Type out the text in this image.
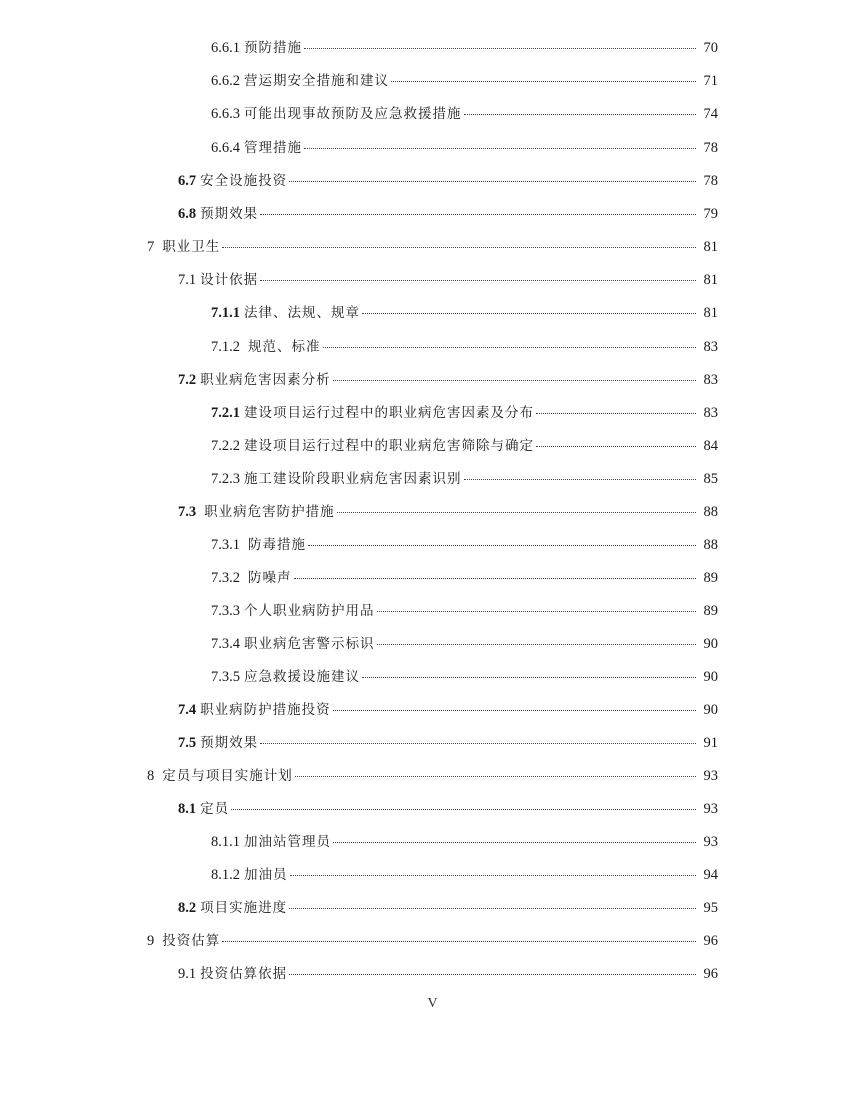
6.6.1 预防措施	70
6.6.2 营运期安全措施和建议	71
6.6.3 可能出现事故预防及应急救援措施	74
6.6.4 管理措施	78
6.7 安全设施投资	78
6.8 预期效果	79
7 职业卫生	81
7.1 设计依据	81
7.1.1 法律、法规、规章	81
7.1.2 规范、标准	83
7.2 职业病危害因素分析	83
7.2.1 建设项目运行过程中的职业病危害因素及分布	83
7.2.2 建设项目运行过程中的职业病危害筛除与确定	84
7.2.3 施工建设阶段职业病危害因素识别	85
7.3 职业病危害防护措施	88
7.3.1 防毒措施	88
7.3.2 防噪声	89
7.3.3 个人职业病防护用品	89
7.3.4 职业病危害警示标识	90
7.3.5 应急救援设施建议	90
7.4 职业病防护措施投资	90
7.5 预期效果	91
8 定员与项目实施计划	93
8.1 定员	93
8.1.1 加油站管理员	93
8.1.2 加油员	94
8.2 项目实施进度	95
9 投资估算	96
9.1 投资估算依据	96
V
